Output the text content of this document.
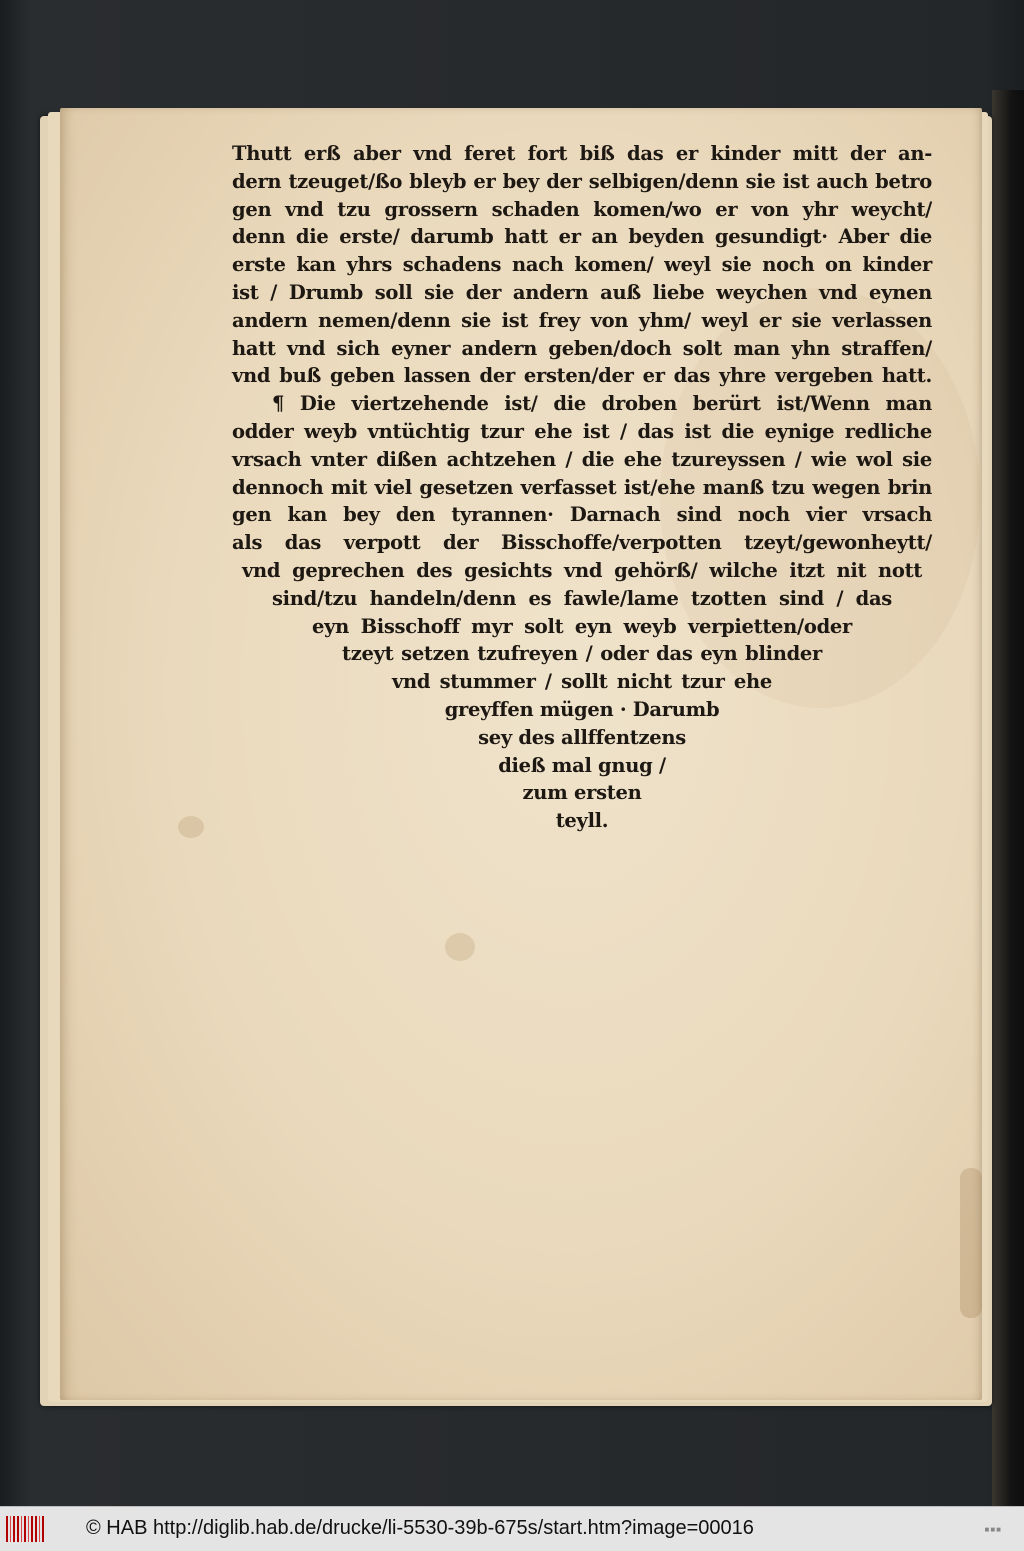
Thutt erß aber vnd feret fort biß das er kinder mitt der an-
dern tzeuget/ßo bleyb er bey der selbigen/denn sie ist auch betro
gen vnd tzu grossern schaden komen/wo er von yhr weycht/
denn die erste/ darumb hatt er an beyden gesundigt· Aber die
erste kan yhrs schadens nach komen/ weyl sie noch on kinder
ist / Drumb soll sie der andern auß liebe weychen vnd eynen
andern nemen/denn sie ist frey von yhm/ weyl er sie verlassen
hatt vnd sich eyner andern geben/doch solt man yhn straffen/
vnd buß geben lassen der ersten/der er das yhre vergeben hatt.
¶ Die viertzehende ist/ die droben berürt ist/Wenn man
odder weyb vntüchtig tzur ehe ist / das ist die eynige redliche
vrsach vnter dißen achtzehen / die ehe tzureyssen / wie wol sie
dennoch mit viel gesetzen verfasset ist/ehe manß tzu wegen brin
gen kan bey den tyrannen· Darnach sind noch vier vrsach
als das verpott der Bisschoffe/verpotten tzeyt/gewonheytt/
vnd geprechen des gesichts vnd gehörß/ wilche itzt nit nott
sind/tzu handeln/denn es fawle/lame tzotten sind / das
eyn Bisschoff myr solt eyn weyb verpietten/oder
tzeyt setzen tzufreyen / oder das eyn blinder
vnd stummer / sollt nicht tzur ehe
greyffen mügen · Darumb
sey des allffentzens
dieß mal gnug /
zum ersten
teyll.
© HAB http://diglib.hab.de/drucke/li-5530-39b-675s/start.htm?image=00016	■■■
